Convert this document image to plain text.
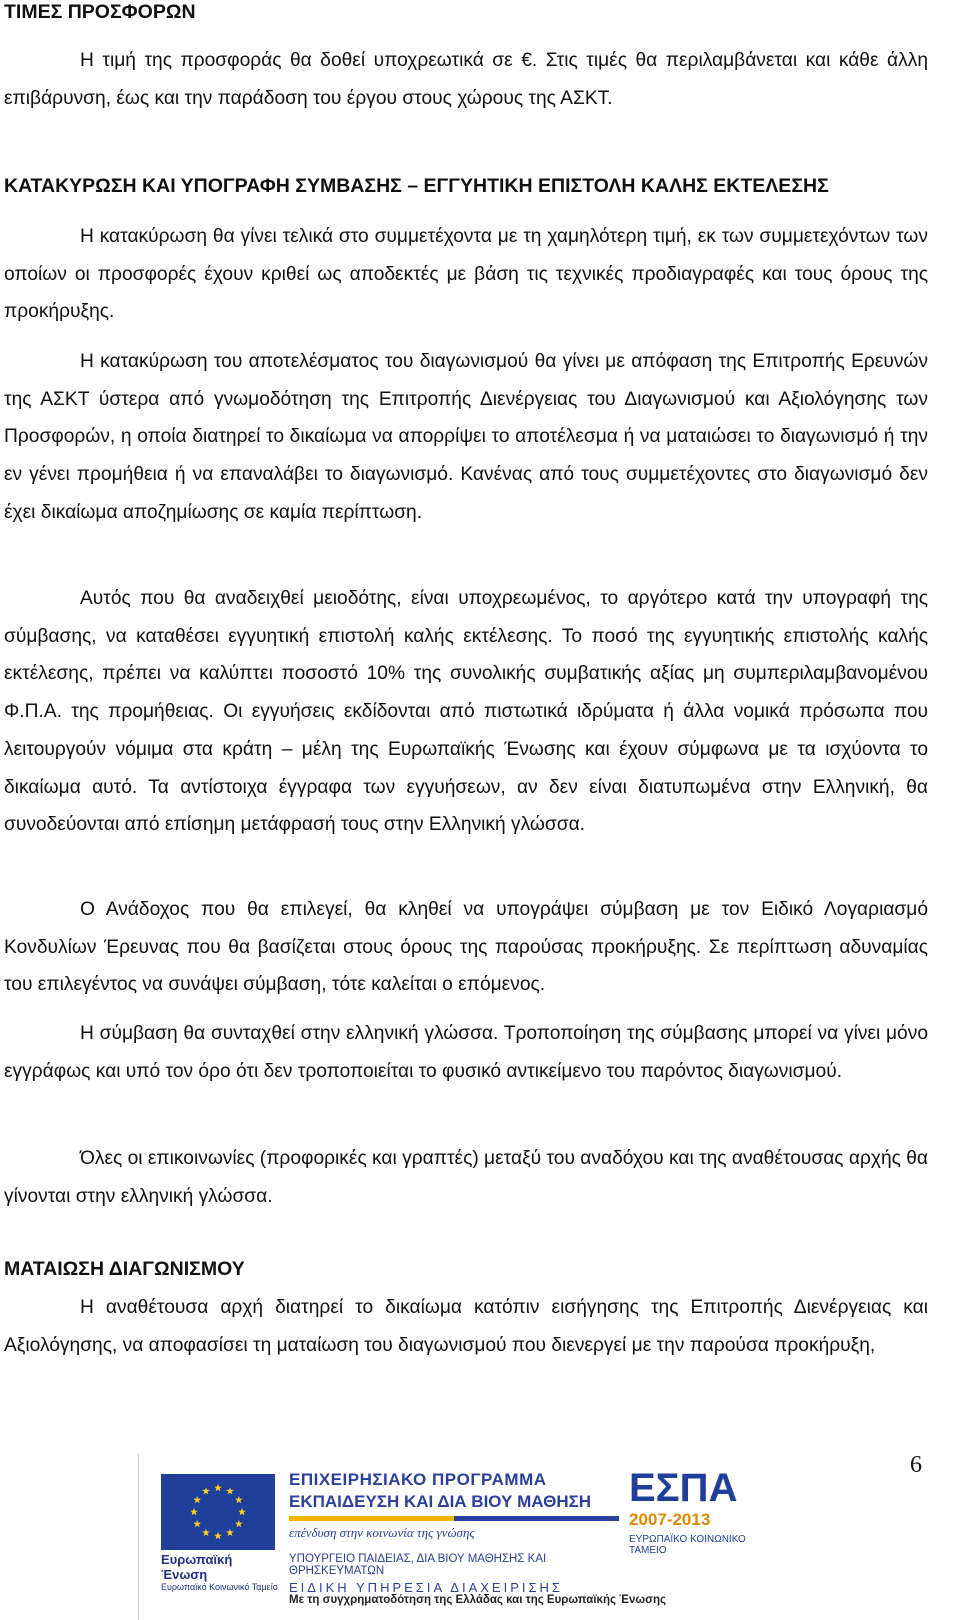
ΤΙΜΕΣ ΠΡΟΣΦΟΡΩΝ

Η τιμή της προσφοράς θα δοθεί υποχρεωτικά σε €. Στις τιμές θα περιλαμβάνεται και κάθε άλλη επιβάρυνση, έως και την παράδοση του έργου στους χώρους της ΑΣΚΤ.

ΚΑΤΑΚΥΡΩΣΗ ΚΑΙ ΥΠΟΓΡΑΦΗ ΣΥΜΒΑΣΗΣ – ΕΓΓΥΗΤΙΚΗ ΕΠΙΣΤΟΛΗ ΚΑΛΗΣ ΕΚΤΕΛΕΣΗΣ

Η κατακύρωση θα γίνει τελικά στο συμμετέχοντα με τη χαμηλότερη τιμή, εκ των συμμετεχόντων των οποίων οι προσφορές έχουν κριθεί ως αποδεκτές με βάση τις τεχνικές προδιαγραφές και τους όρους της προκήρυξης.

Η κατακύρωση του αποτελέσματος του διαγωνισμού θα γίνει με απόφαση της Επιτροπής Ερευνών της ΑΣΚΤ ύστερα από γνωμοδότηση της Επιτροπής Διενέργειας του Διαγωνισμού και Αξιολόγησης των Προσφορών, η οποία διατηρεί το δικαίωμα να απορρίψει το αποτέλεσμα ή να ματαιώσει το διαγωνισμό ή την εν γένει προμήθεια ή να επαναλάβει το διαγωνισμό. Κανένας από τους συμμετέχοντες στο διαγωνισμό δεν έχει δικαίωμα αποζημίωσης σε καμία περίπτωση.

Αυτός που θα αναδειχθεί μειοδότης, είναι υποχρεωμένος, το αργότερο κατά την υπογραφή της σύμβασης, να καταθέσει εγγυητική επιστολή καλής εκτέλεσης. Το ποσό της εγγυητικής επιστολής καλής εκτέλεσης, πρέπει να καλύπτει ποσοστό 10% της συνολικής συμβατικής αξίας μη συμπεριλαμβανομένου Φ.Π.Α. της προμήθειας. Οι εγγυήσεις εκδίδονται από πιστωτικά ιδρύματα ή άλλα νομικά πρόσωπα που λειτουργούν νόμιμα στα κράτη – μέλη της Ευρωπαϊκής Ένωσης και έχουν σύμφωνα με τα ισχύοντα το δικαίωμα αυτό. Τα αντίστοιχα έγγραφα των εγγυήσεων, αν δεν είναι διατυπωμένα στην Ελληνική, θα συνοδεύονται από επίσημη μετάφρασή τους στην Ελληνική γλώσσα.

Ο Ανάδοχος που θα επιλεγεί, θα κληθεί να υπογράψει σύμβαση με τον Ειδικό Λογαριασμό Κονδυλίων Έρευνας που θα βασίζεται στους όρους της παρούσας προκήρυξης. Σε περίπτωση αδυναμίας του επιλεγέντος να συνάψει σύμβαση, τότε καλείται ο επόμενος.

Η σύμβαση θα συνταχθεί στην ελληνική γλώσσα. Τροποποίηση της σύμβασης μπορεί να γίνει μόνο εγγράφως και υπό τον όρο ότι δεν τροποποιείται το φυσικό αντικείμενο του παρόντος διαγωνισμού.

Όλες οι επικοινωνίες (προφορικές και γραπτές) μεταξύ του αναδόχου και της αναθέτουσας αρχής θα γίνονται στην ελληνική γλώσσα.

ΜΑΤΑΙΩΣΗ ΔΙΑΓΩΝΙΣΜΟΥ

Η αναθέτουσα αρχή διατηρεί το δικαίωμα κατόπιν εισήγησης της Επιτροπής Διενέργειας και Αξιολόγησης, να αποφασίσει τη ματαίωση του διαγωνισμού που διενεργεί με την παρούσα προκήρυξη,

6
Ευρωπαϊκή Ένωση
Ευρωπαϊκό Κοινωνικό Ταμείο
ΕΠΙΧΕΙΡΗΣΙΑΚΟ ΠΡΟΓΡΑΜΜΑ
ΕΚΠΑΙΔΕΥΣΗ ΚΑΙ ΔΙΑ ΒΙΟΥ ΜΑΘΗΣΗ
επένδυση στην κοινωνία της γνώσης
ΥΠΟΥΡΓΕΙΟ ΠΑΙΔΕΙΑΣ, ΔΙΑ ΒΙΟΥ ΜΑΘΗΣΗΣ ΚΑΙ ΘΡΗΣΚΕΥΜΑΤΩΝ
ΕΙΔΙΚΗ ΥΠΗΡΕΣΙΑ ΔΙΑΧΕΙΡΙΣΗΣ
ΕΣΠΑ
2007-2013
ΕΥΡΩΠΑΪΚΟ ΚΟΙΝΩΝΙΚΟ ΤΑΜΕΙΟ
Με τη συγχρηματοδότηση της Ελλάδας και της Ευρωπαϊκής Ένωσης
